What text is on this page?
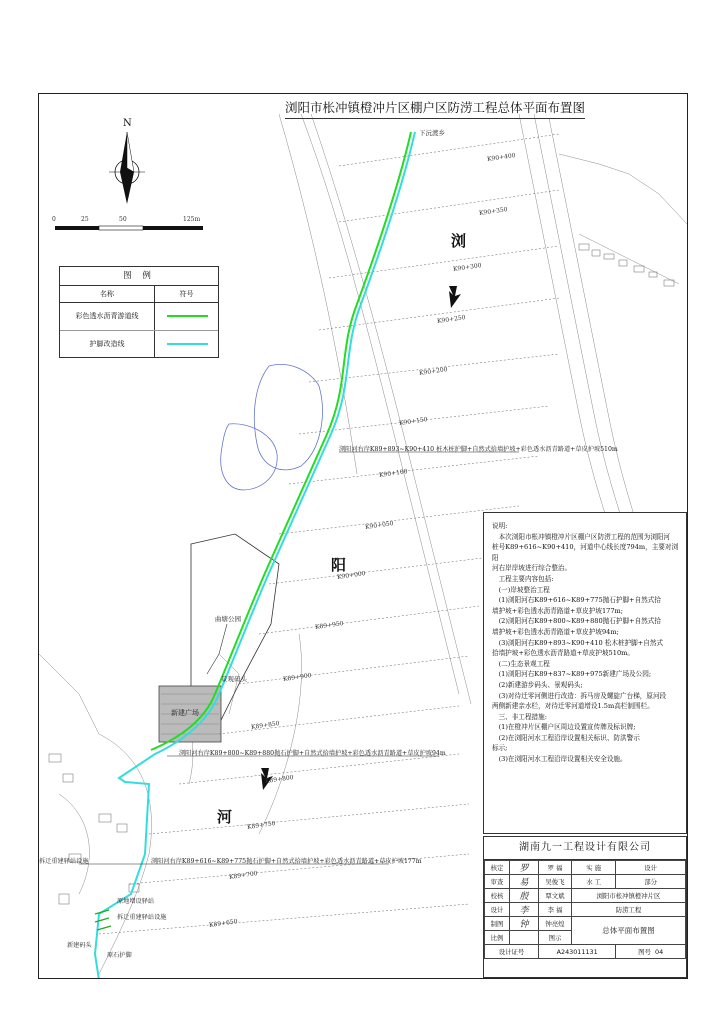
浏阳市枨冲镇橙冲片区棚户区防涝工程总体平面布置图
N
0	25	50	125m
图 例
名称	符号
彩色透水沥青游道线
护脚改造线
浏
阳
河
下沅渡乡
曲塘公园
景观码头
新建广场
K90+400
K90+350
K90+300
K90+250
K90+200
K90+150
K90+100
K90+050
K90+000
K89+950
K89+900
K89+850
K89+800
K89+750
K89+700
K89+650
浏阳河右岸K89+893~K90+410 桩木桩护脚+自然式拾墙护坡+彩色透水沥青路道+草皮护坡510m
浏阳河右岸K89+800~K89+880抛石护脚+自然式拾墙护坡+彩色透水沥青路道+草皮护坡94m
浏阳河右岸K89+616~K89+775抛石护脚+自然式拾墙护坡+彩色透水沥青路道+草皮护坡177m
拆迁重建驿站设施
拆迁重建驿站设施
原地增设驿站
新建码头
原石护脚

说明:

　本次浏阳市枨冲镇橙冲片区棚户区防涝工程的范围为浏阳河

桩号K89+616~K90+410，河道中心线长度794m，主要对浏阳

河右岸岸坡进行综合整治。

　工程主要内容包括:

　(一)岸坡整治工程

　(1)浏阳河右K89+616~K89+775抛石护脚+自然式拾

墙护坡+彩色透水沥青路道+草皮护坡177m;

　(2)浏阳河右K89+800~K89+880抛石护脚+自然式拾

墙护坡+彩色透水沥青路道+草皮护坡94m;

　(3)浏阳河右K89+893~K90+410 松木桩护脚+自然式

拾墙护坡+彩色透水沥青路道+草皮护坡510m。

　(二)生态景观工程

　(1)浏阳河右K89+837~K89+975新建广场及公园;

　(2)新建游步码头、景观码头;

　(3)对待迁零河侧进行改造：拆马房及螺旋广台梯，原河段

两侧新建亲水栏，对待迁零河道增设1.5m高栏制围栏。

　三、非工程措施:

　(1)在橙冲片区棚户区周边设置宣传牌及标识牌;

　(2)在浏阳河水工程沿岸设置相关标识、防洪警示

标示;

　(3)在浏阳河水工程沿岸设置相关安全设施。

湖南九一工程设计有限公司
核定	罗	罗 福	实 施	设计
审查	易	吴俊飞	水 工	部分
校核	殷	覃文斌	浏阳市枨冲镇橙冲片区	
设计	李	李 福	防涝工程	
制图	钟	钟亮煌	总体平面布置图	
比例		图示		
设计证号		A243011131		图号 04
